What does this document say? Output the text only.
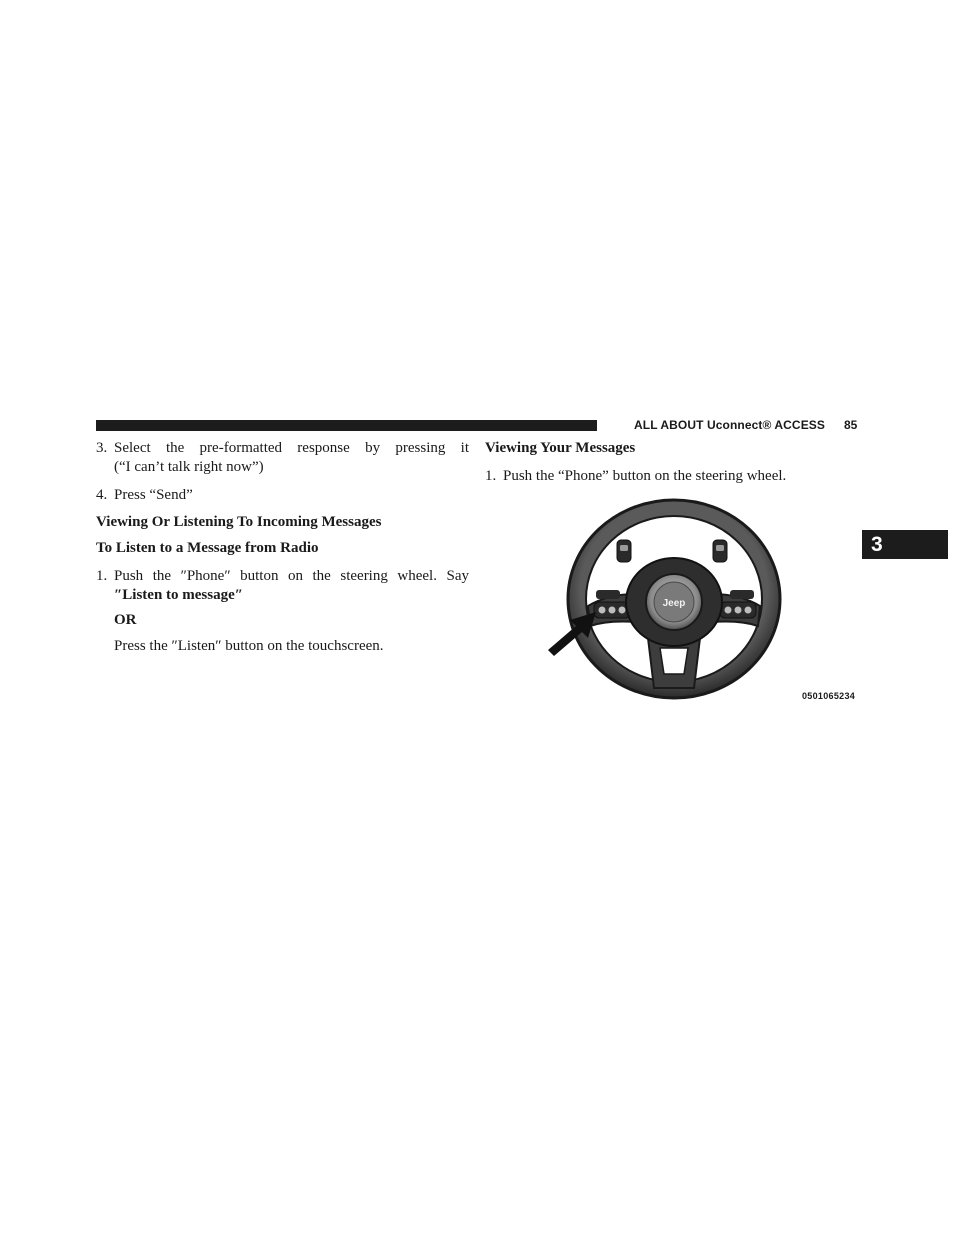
ALL ABOUT Uconnect® ACCESS 85
3
3. Select the pre-formatted response by pressing it

(“I can’t talk right now”)

4. Press “Send”

Viewing Or Listening To Incoming Messages

To Listen to a Message from Radio

1. Push the ″Phone″ button on the steering wheel. Say

″Listen to message″

OR

Press the ″Listen″ button on the touchscreen.

Viewing Your Messages

1. Push the “Phone” button on the steering wheel.

Jeep
0501065234
